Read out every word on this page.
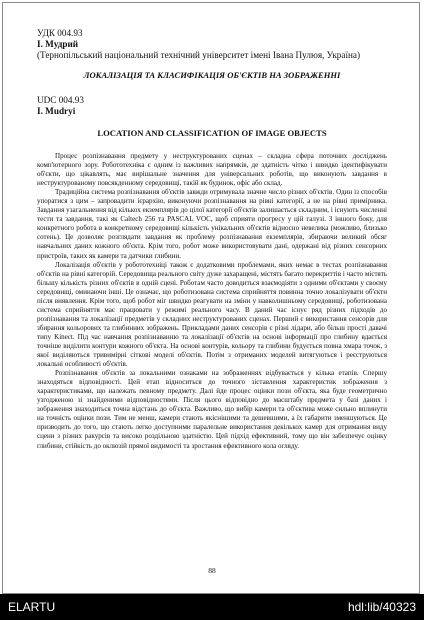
УДК 004.93

І. Мудрий

(Тернопільський національний технічний університет імені Івана Пулюя, Україна)

ЛОКАЛІЗАЦІЯ ТА КЛАСИФІКАЦІЯ ОБ'ЄКТІВ НА ЗОБРАЖЕННІ

UDC 004.93

I. Mudryi

LOCATION AND CLASSIFICATION OF IMAGE OBJECTS

Процес розпізнавання предмету у неструктурованих сценах – складна сфера поточних досліджень комп'ютерного зору. Робототехніка є одним із важливих напрямків, де здатність чітко і швидко ідентифікувати об'єкти, що цікавлять, має вирішальне значення для універсальних роботів, що виконують завдання в неструктурованому повсякденному середовищі, такій як будинок, офіс або склад.

Традиційна система розпізнавання об'єктів завжди отримувала значне число різних об'єктів. Один із способів упоратися з цим – запровадити ієрархію, виконуючи розпізнавання на рівні категорії, а не на рівні примірника. Завдання узагальнення від кількох екземплярів до цілої категорії об'єктів залишається складним, і існують численні тести та завдання, такі як Caltech 256 та PASCAL VOC, щоб сприяти прогресу у цій галузі. З іншого боку, для конкретного робота в конкретному середовищі кількість унікальних об'єктів відносно невелика (можливо, близько сотень). Це дозволяє розглядати завдання як проблему розпізнавання екземплярів, збираючи великий обсяг навчальних даних кожного об'єкта. Крім того, робот може використовувати дані, одержані від різних сенсорних пристроїв, таких як камери та датчики глибини.

Локалізація об'єктів у робототехніці також є додатковими проблемами, яких немає в тестах розпізнавання об'єктів на рівні категорій. Середовища реального світу дуже захаращені, містять багато перекриттів і часто містять більшу кількість різних об'єктів в одній сцені. Роботам часто доводиться взаємодіяти з одними об'єктами у своєму середовищі, оминаючи інші. Це означає, що роботизована система сприйняття повинна точно локалізувати об'єкти після виявлення. Крім того, щоб робот міг швидко реагувати на зміни у навколишньому середовищі, роботизована система сприйняття має працювати у режимі реального часу. В даний час існує ряд різних підходів до розпізнавання та локалізації предметів у складних неструктурованих сценах. Перший є використання сенсорів для збирання кольорових та глибинних зображень. Прикладами даних сенсорів є різні лідари, або більш прості давачі типу Kinect. Під час навчання розпізнаванню та локалізації об'єктів на основі інформації про глибину вдається точніше виділити контури кожного об'єкта. На основі контурів, кольору та глибини будується повна хмара точок, з якої виділяються тривимірні сіткові моделі об'єктів. Потім з отриманих моделей витягуються і реєструються локальні особливості об'єктів.

Розпізнавання об'єктів за локальними ознаками на зображеннях відбувається у кілька етапів. Спершу знаходяться відповідності. Цей етап відноситься до точного зіставлення характеристик зображення з характеристиками, що належать певному предмету. Далі йде процес оцінки пози об'єкта, яка буде геометрично узгодженою зі знайденими відповідностями. Після цього відповідно до масштабу предмета у базі даних і зображення знаходиться точна відстань до об'єкта. Важливо, що вибір камери та об'єктива може сильно вплинути на точність оцінки пози. Тим не менш, камери стають якіснішими та дешевшими, а їх габарити зменшуються. Це призводить до того, що стають легко доступними паралельне використання декількох камер для отримання виду сцени з різних ракурсів та високо роздільною здатністю. Цей підхід ефективний, тому що він забезпечує оцінку глибини, стійкість до оклюзій прямої видимості та зростання ефективного кола огляду.

88
ELARTU	hdl:lib/40323
